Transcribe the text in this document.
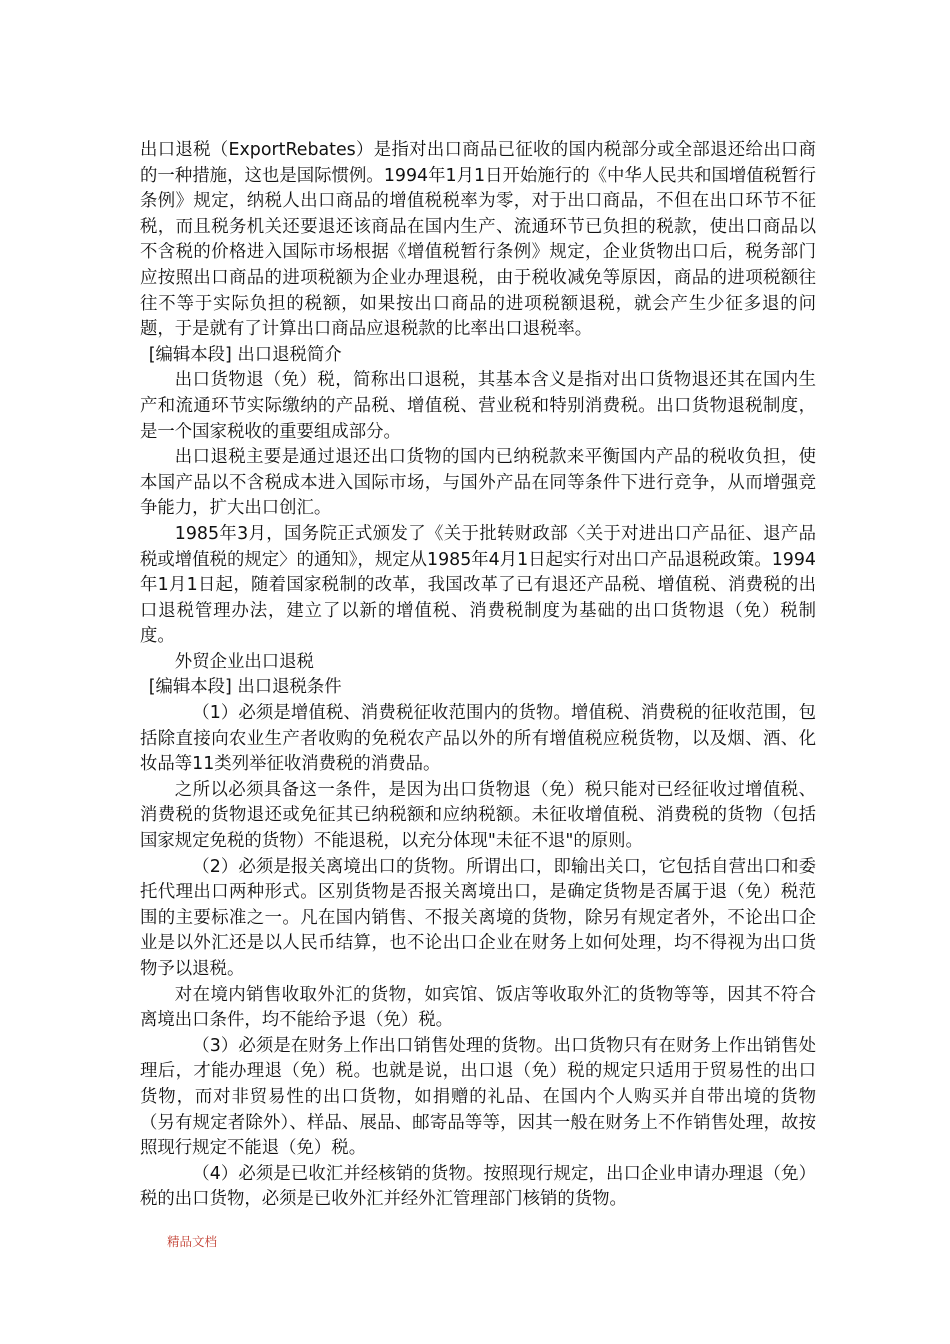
出口退税（ExportRebates）是指对出口商品已征收的国内税部分或全部退还给出口商的一种措施，这也是国际惯例。1994年1月1日开始施行的《中华人民共和国增值税暂行条例》规定，纳税人出口商品的增值税税率为零，对于出口商品，不但在出口环节不征税，而且税务机关还要退还该商品在国内生产、流通环节已负担的税款，使出口商品以不含税的价格进入国际市场根据《增值税暂行条例》规定，企业货物出口后，税务部门应按照出口商品的进项税额为企业办理退税，由于税收减免等原因，商品的进项税额往往不等于实际负担的税额，如果按出口商品的进项税额退税，就会产生少征多退的问题，于是就有了计算出口商品应退税款的比率出口退税率。

[编辑本段] 出口退税简介

出口货物退（免）税，简称出口退税，其基本含义是指对出口货物退还其在国内生产和流通环节实际缴纳的产品税、增值税、营业税和特别消费税。出口货物退税制度，是一个国家税收的重要组成部分。

出口退税主要是通过退还出口货物的国内已纳税款来平衡国内产品的税收负担，使本国产品以不含税成本进入国际市场，与国外产品在同等条件下进行竞争，从而增强竞争能力，扩大出口创汇。

1985年3月，国务院正式颁发了《关于批转财政部〈关于对进出口产品征、退产品税或增值税的规定〉的通知》，规定从1985年4月1日起实行对出口产品退税政策。1994年1月1日起，随着国家税制的改革，我国改革了已有退还产品税、增值税、消费税的出口退税管理办法，建立了以新的增值税、消费税制度为基础的出口货物退（免）税制度。

外贸企业出口退税

[编辑本段] 出口退税条件

（1）必须是增值税、消费税征收范围内的货物。增值税、消费税的征收范围，包括除直接向农业生产者收购的免税农产品以外的所有增值税应税货物，以及烟、酒、化妆品等11类列举征收消费税的消费品。

之所以必须具备这一条件，是因为出口货物退（免）税只能对已经征收过增值税、消费税的货物退还或免征其已纳税额和应纳税额。未征收增值税、消费税的货物（包括国家规定免税的货物）不能退税，以充分体现"未征不退"的原则。

（2）必须是报关离境出口的货物。所谓出口，即输出关口，它包括自营出口和委托代理出口两种形式。区别货物是否报关离境出口，是确定货物是否属于退（免）税范围的主要标准之一。凡在国内销售、不报关离境的货物，除另有规定者外，不论出口企业是以外汇还是以人民币结算，也不论出口企业在财务上如何处理，均不得视为出口货物予以退税。

对在境内销售收取外汇的货物，如宾馆、饭店等收取外汇的货物等等，因其不符合离境出口条件，均不能给予退（免）税。

（3）必须是在财务上作出口销售处理的货物。出口货物只有在财务上作出销售处理后，才能办理退（免）税。也就是说，出口退（免）税的规定只适用于贸易性的出口货物，而对非贸易性的出口货物，如捐赠的礼品、在国内个人购买并自带出境的货物（另有规定者除外）、样品、展品、邮寄品等等，因其一般在财务上不作销售处理，故按照现行规定不能退（免）税。

（4）必须是已收汇并经核销的货物。按照现行规定，出口企业申请办理退（免）税的出口货物，必须是已收外汇并经外汇管理部门核销的货物。

精品文档
